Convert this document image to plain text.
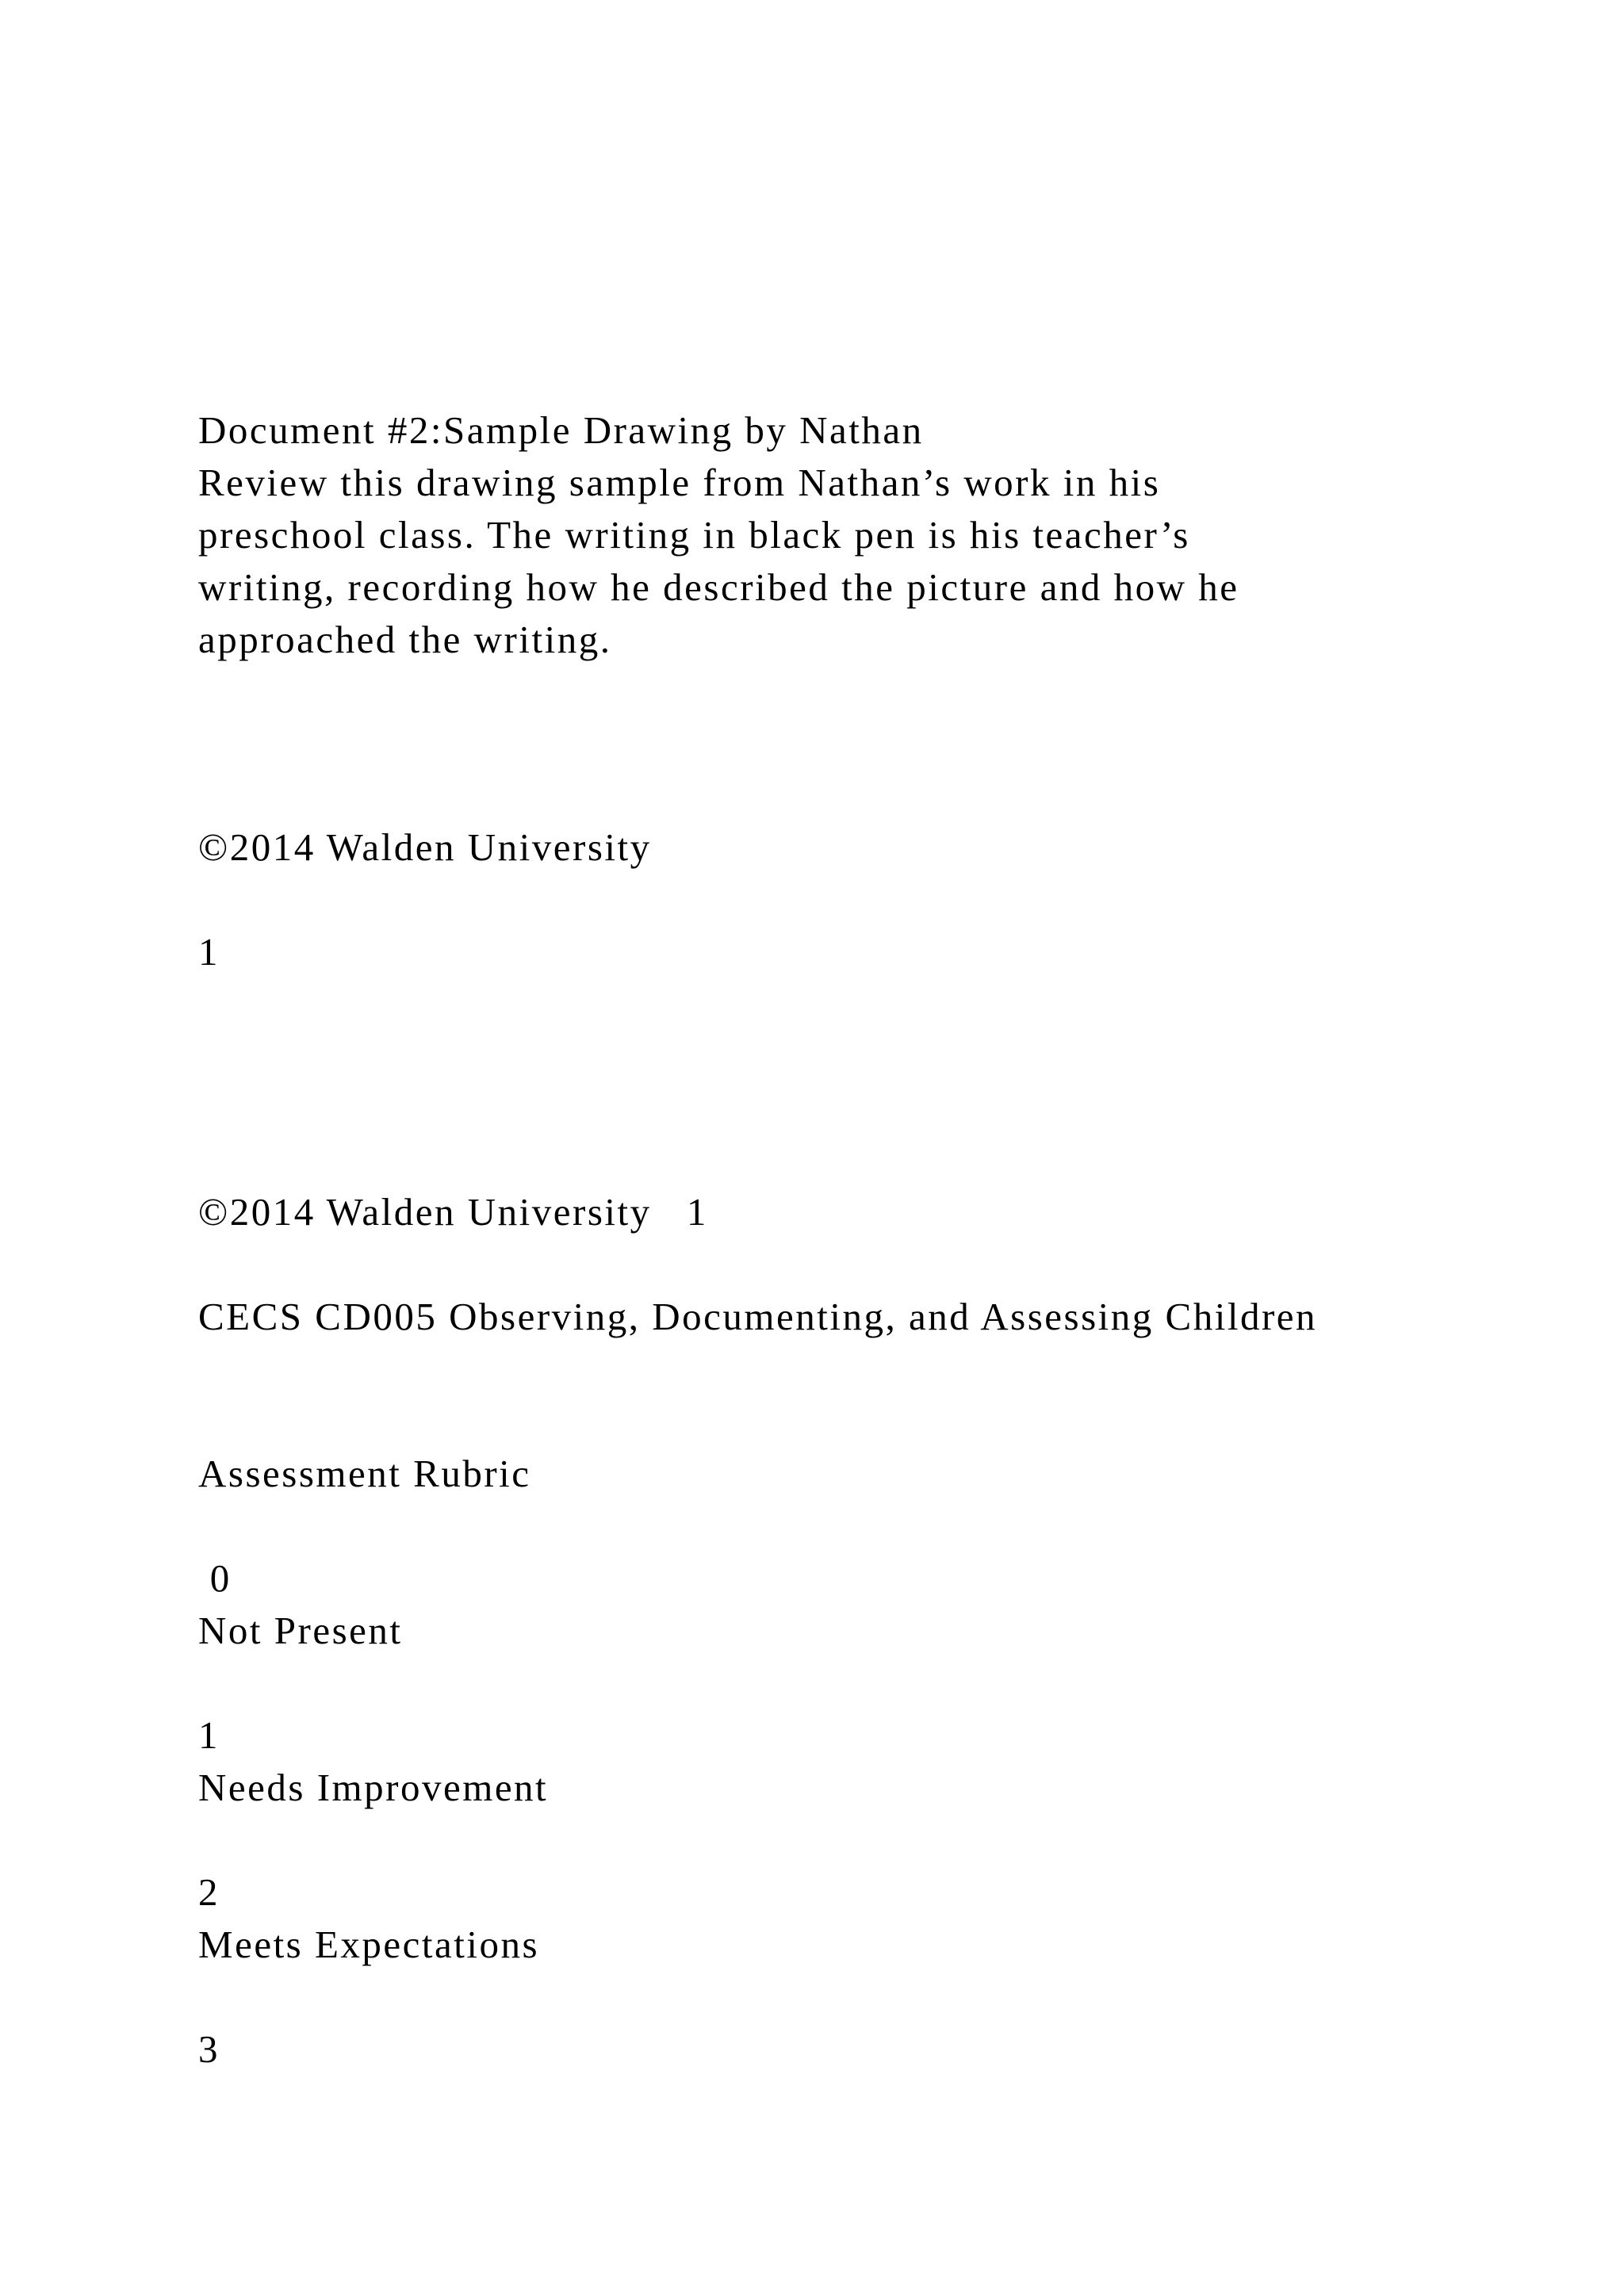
Document #2:Sample Drawing by Nathan

Review this drawing sample from Nathan’s work in his

preschool class. The writing in black pen is his teacher’s

writing, recording how he described the picture and how he

approached the writing.

©2014 Walden University

1

©2014 Walden University   1

CECS CD005 Observing, Documenting, and Assessing Children

Assessment Rubric

0

Not Present

1

Needs Improvement

2

Meets Expectations

3
